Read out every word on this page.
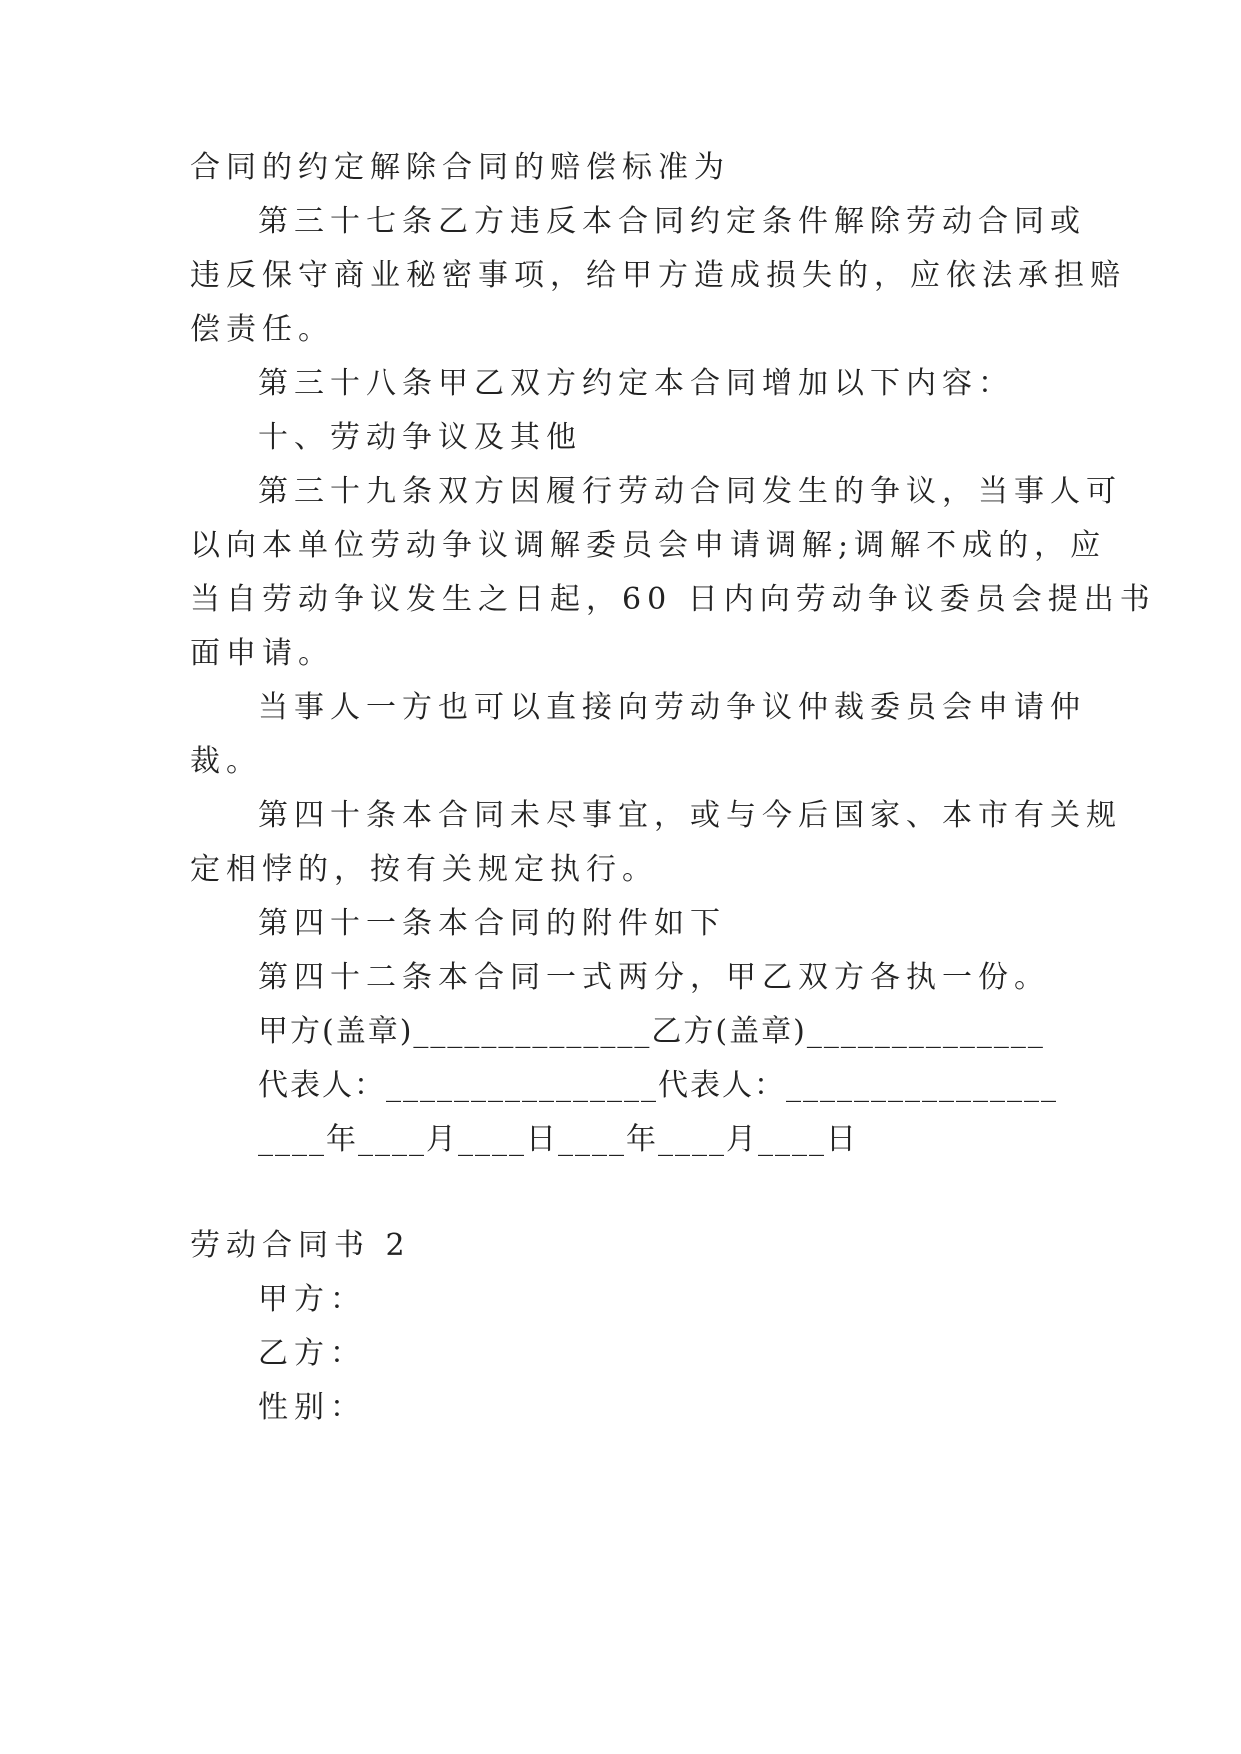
合同的约定解除合同的赔偿标准为
第三十七条乙方违反本合同约定条件解除劳动合同或
违反保守商业秘密事项，给甲方造成损失的，应依法承担赔
偿责任。
第三十八条甲乙双方约定本合同增加以下内容：
十、劳动争议及其他
第三十九条双方因履行劳动合同发生的争议，当事人可
以向本单位劳动争议调解委员会申请调解;调解不成的，应
当自劳动争议发生之日起，60 日内向劳动争议委员会提出书
面申请。
当事人一方也可以直接向劳动争议仲裁委员会申请仲
裁。
第四十条本合同未尽事宜，或与今后国家、本市有关规
定相悖的，按有关规定执行。
第四十一条本合同的附件如下
第四十二条本合同一式两分，甲乙双方各执一份。
甲方(盖章)______________乙方(盖章)______________
代表人：________________代表人：________________
____年____月____日____年____月____日
劳动合同书 2
甲方：
乙方：
性别：
